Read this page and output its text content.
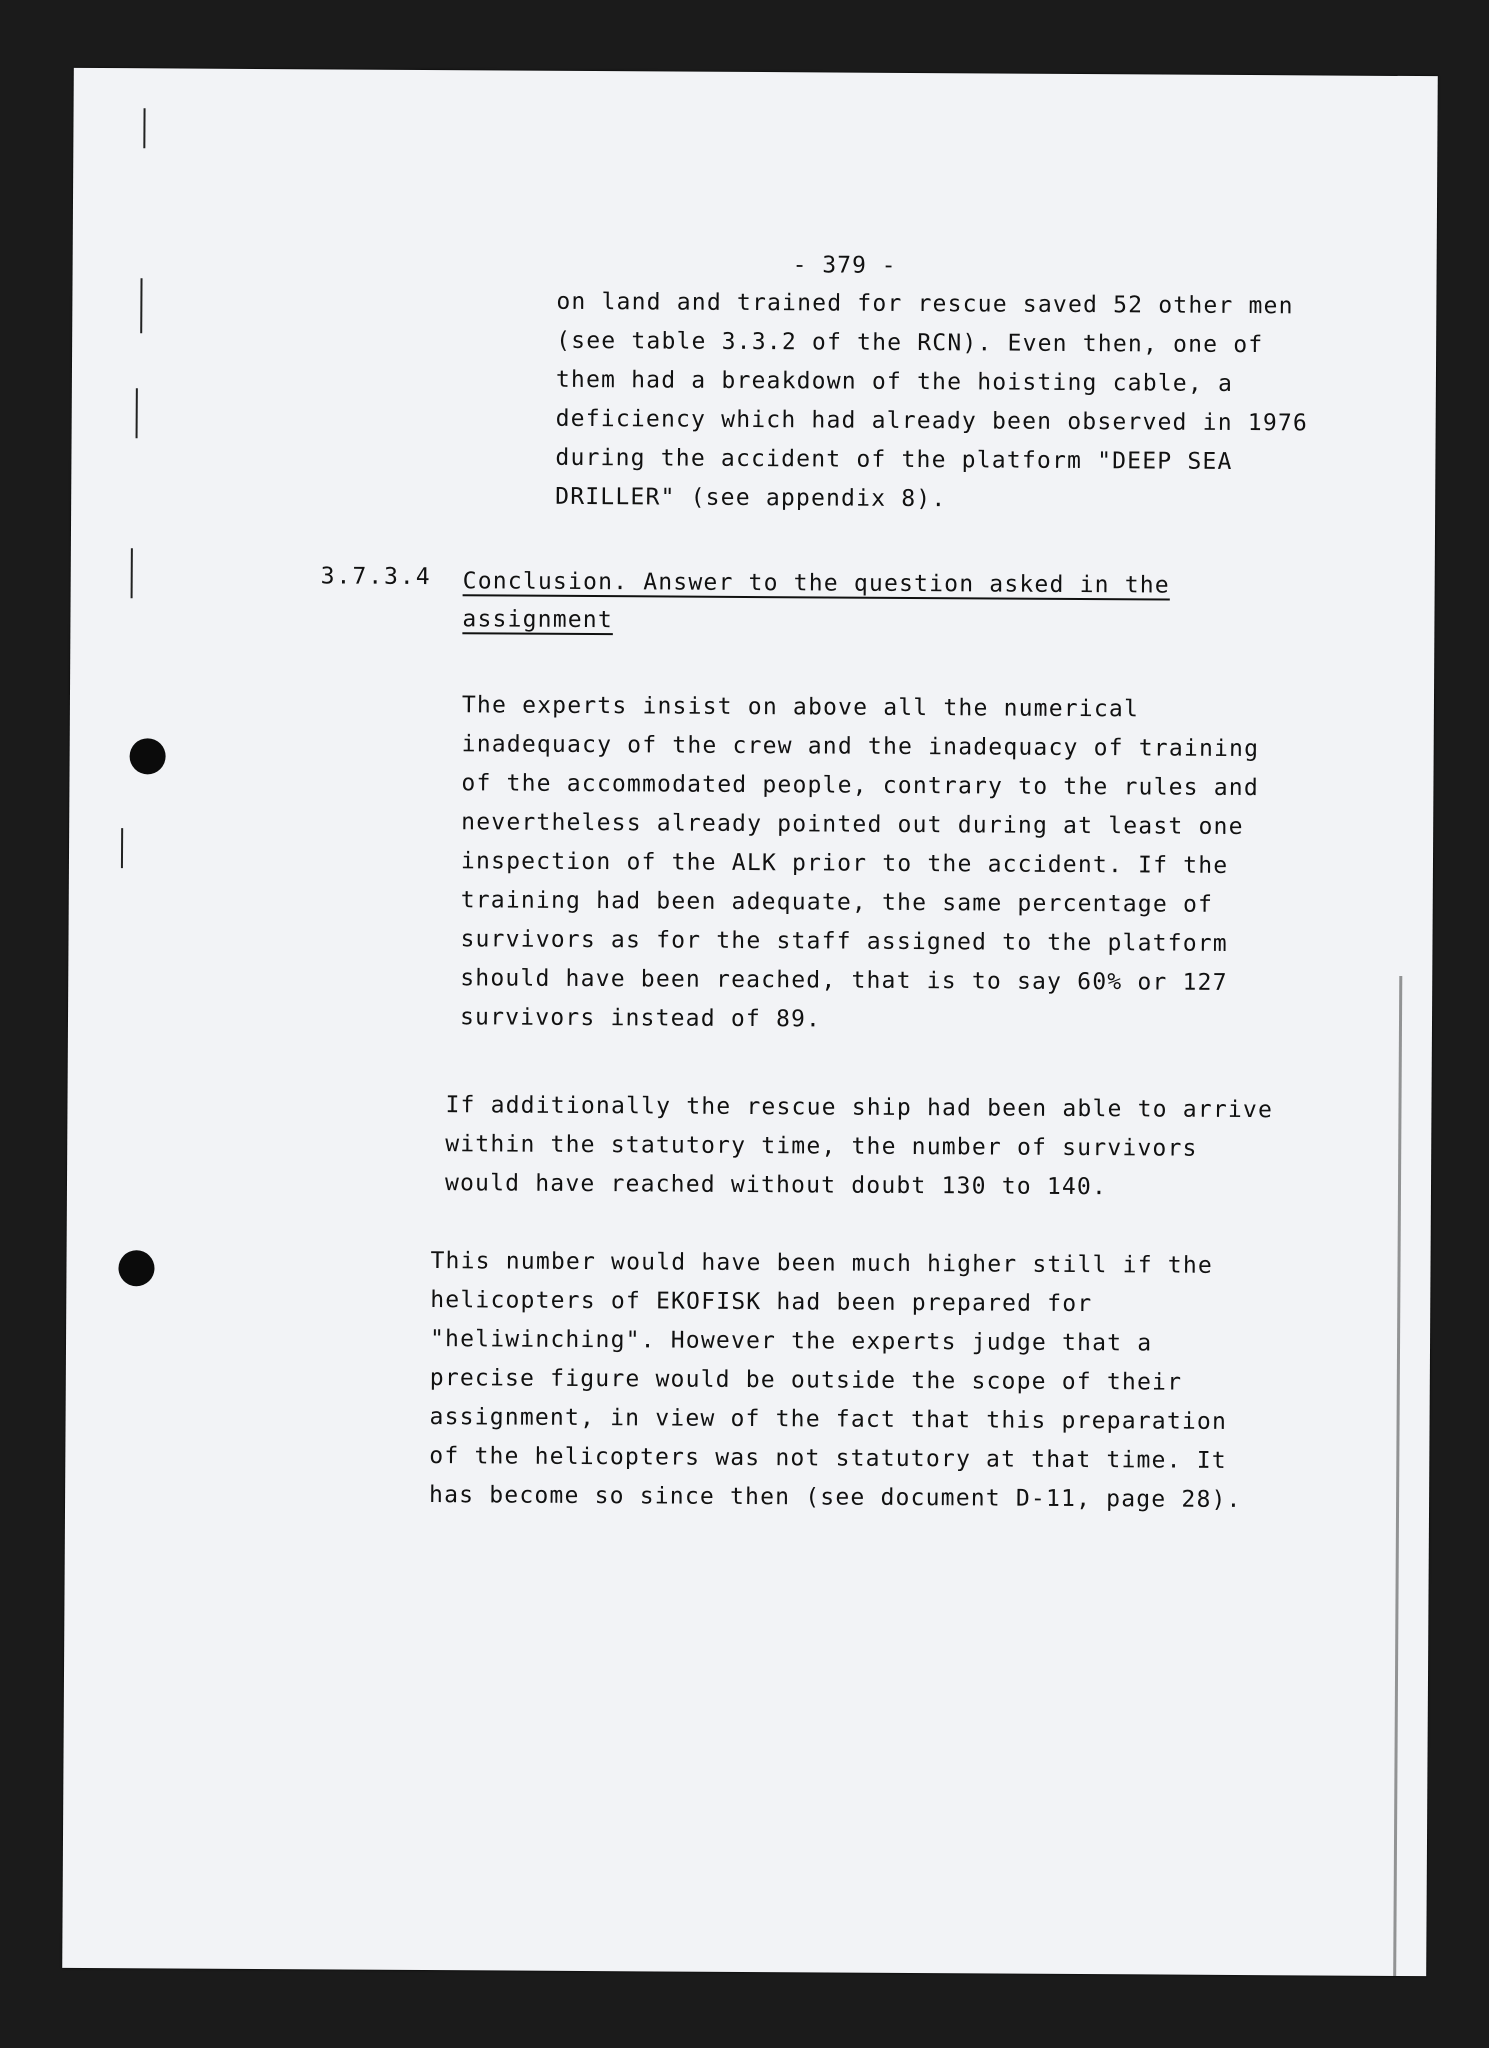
- 379 -
on land and trained for rescue saved 52 other men
(see table 3.3.2 of the RCN). Even then, one of
them had a breakdown of the hoisting cable, a
deficiency which had already been observed in 1976
during the accident of the platform "DEEP SEA
DRILLER" (see appendix 8).
3.7.3.4 Conclusion. Answer to the question asked in the
assignment
The experts insist on above all the numerical
inadequacy of the crew and the inadequacy of training
of the accommodated people, contrary to the rules and
nevertheless already pointed out during at least one
inspection of the ALK prior to the accident. If the
training had been adequate, the same percentage of
survivors as for the staff assigned to the platform
should have been reached, that is to say 60% or 127
survivors instead of 89.
If additionally the rescue ship had been able to arrive
within the statutory time, the number of survivors
would have reached without doubt 130 to 140.
This number would have been much higher still if the
helicopters of EKOFISK had been prepared for
"heliwinching". However the experts judge that a
precise figure would be outside the scope of their
assignment, in view of the fact that this preparation
of the helicopters was not statutory at that time. It
has become so since then (see document D-11, page 28).
